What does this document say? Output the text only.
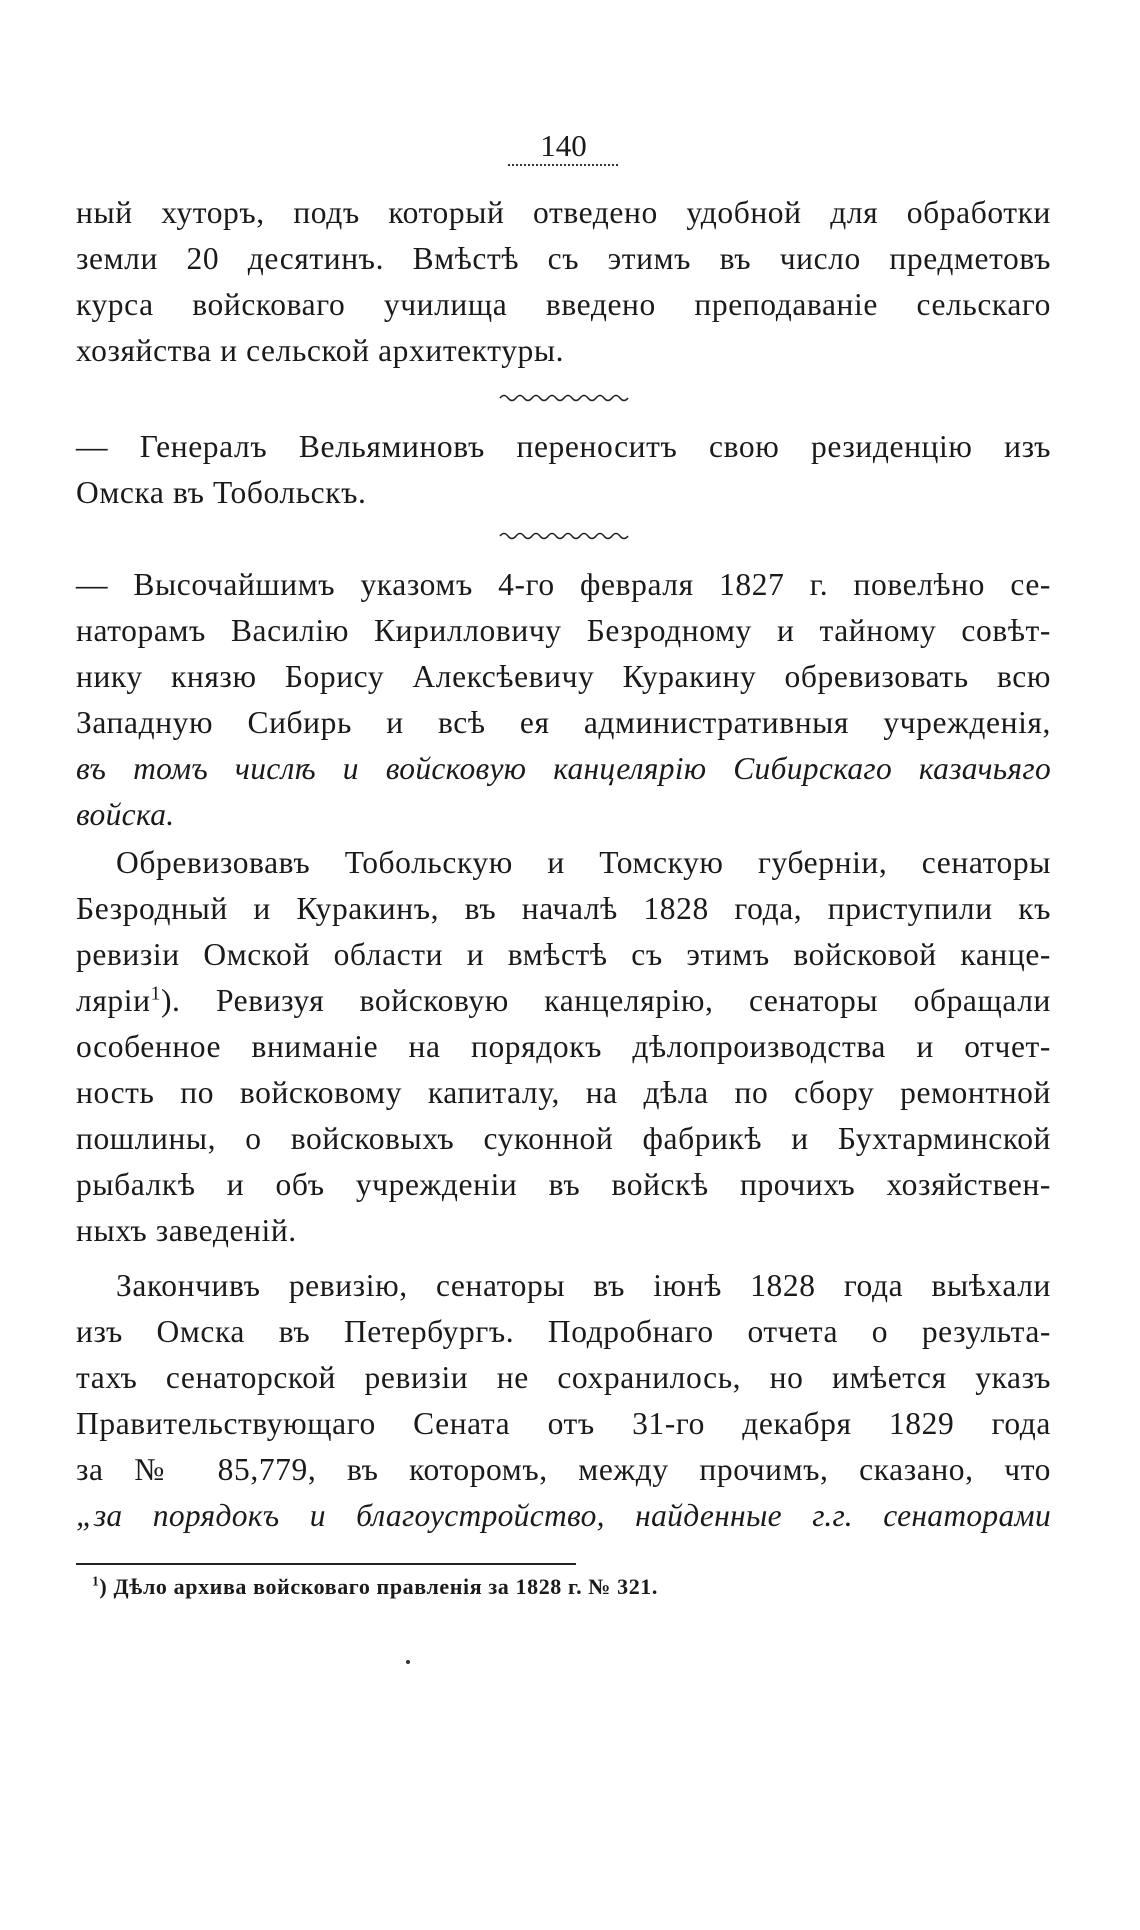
140
ный хуторъ, подъ который отведено удобной для обработки
земли 20 десятинъ. Вмѣстѣ съ этимъ въ число предметовъ
курса войсковаго училища введено преподаванiе сельскаго
хозяйства и сельской архитектуры.
— Генералъ Вельяминовъ переноситъ свою резиденцiю изъ
Омска въ Тобольскъ.
— Высочайшимъ указомъ 4-го февраля 1827 г. повелѣно се-
наторамъ Василiю Кирилловичу Безродному и тайному совѣт-
нику князю Борису Алексѣевичу Куракину обревизовать всю
Западную Сибирь и всѣ ея административныя учрежденiя,
въ томъ числѣ и войсковую канцелярiю Сибирскаго казачьяго
войска.
Обревизовавъ Тобольскую и Томскую губернiи, сенаторы
Безродный и Куракинъ, въ началѣ 1828 года, приступили къ
ревизiи Омской области и вмѣстѣ съ этимъ войсковой канце-
лярiи$^1$). Ревизуя войсковую канцелярiю, сенаторы обращали
особенное вниманiе на порядокъ дѣлопроизводства и отчет-
ность по войсковому капиталу, на дѣла по сбору ремонтной
пошлины, о войсковыхъ суконной фабрикѣ и Бухтарминской
рыбалкѣ и объ учрежденiи въ войскѣ прочихъ хозяйствен-
ныхъ заведенiй.
Закончивъ ревизiю, сенаторы въ iюнѣ 1828 года выѣхали
изъ Омска въ Петербургъ. Подробнаго отчета о результа-
тахъ сенаторской ревизiи не сохранилось, но имѣется указъ
Правительствующаго Сената отъ 31-го декабря 1829 года
за № 85,779, въ которомъ, между прочимъ, сказано, что
„за порядокъ и благоустройство, найденные г.г. сенаторами
$^1$) Дѣло архива войсковаго правленiя за 1828 г. № 321.
